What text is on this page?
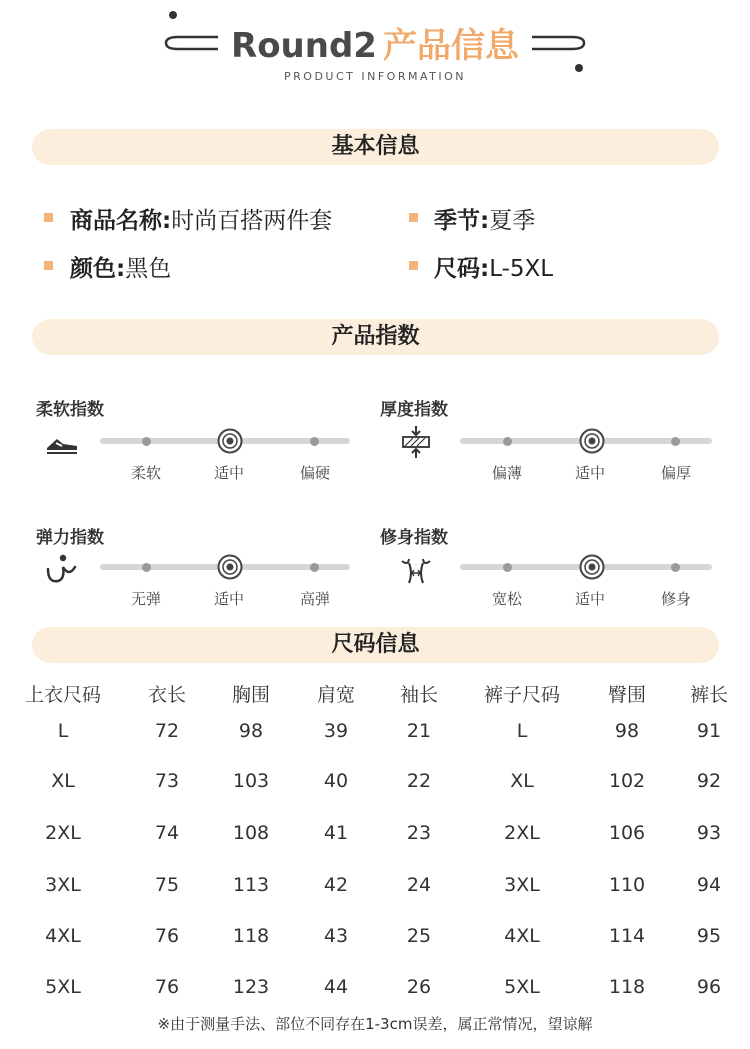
Round2 产品信息
PRODUCT INFORMATION
基本信息
商品名称:时尚百搭两件套	季节:夏季
颜色:黑色	尺码:L-5XL
产品指数
柔软指数
柔软	适中	偏硬
厚度指数
偏薄	适中	偏厚
弹力指数
无弹	适中	高弹
修身指数
宽松	适中	修身
尺码信息
上衣尺码	衣长	胸围	肩宽	袖长	裤子尺码	臀围	裤长
L	72	98	39	21	L	98	91
XL	73	103	40	22	XL	102	92
2XL	74	108	41	23	2XL	106	93
3XL	75	113	42	24	3XL	110	94
4XL	76	118	43	25	4XL	114	95
5XL	76	123	44	26	5XL	118	96
※由于测量手法、部位不同存在1-3cm误差，属正常情况，望谅解
